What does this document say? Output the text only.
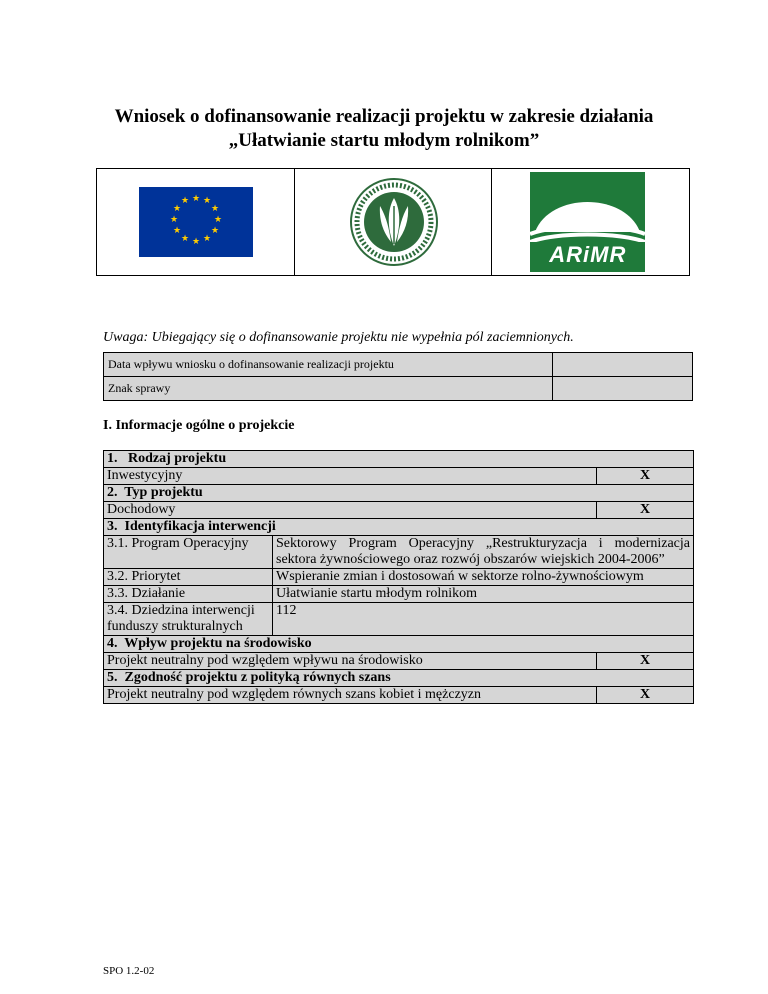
Wniosek o dofinansowanie realizacji projektu w zakresie działania
„Ułatwianie startu młodym rolnikom”
★ ★
★
★
★
★
★
★
★
★
★
★
ARiMR
Uwaga: Ubiegający się o dofinansowanie projektu nie wypełnia pól zaciemnionych.
Data wpływu wniosku o dofinansowanie realizacji projektu	
Znak sprawy	
I. Informacje ogólne o projekcie
1.   Rodzaj projektu		
Inwestycyjny		X
2.  Typ projektu		
Dochodowy		X
3.  Identyfikacja interwencji		
3.1. Program Operacyjny	Sektorowy Program Operacyjny „Restrukturyzacja i modernizacja sektora żywnościowego oraz rozwój obszarów wiejskich 2004-2006”	
3.2. Priorytet	Wspieranie zmian i dostosowań w sektorze rolno-żywnościowym	
3.3. Działanie	Ułatwianie startu młodym rolnikom	
3.4. Dziedzina interwencji funduszy strukturalnych	112	
4.  Wpływ projektu na środowisko		
Projekt neutralny pod względem wpływu na środowisko		X
5.  Zgodność projektu z polityką równych szans		
Projekt neutralny pod względem równych szans kobiet i mężczyzn		X
SPO 1.2-02
